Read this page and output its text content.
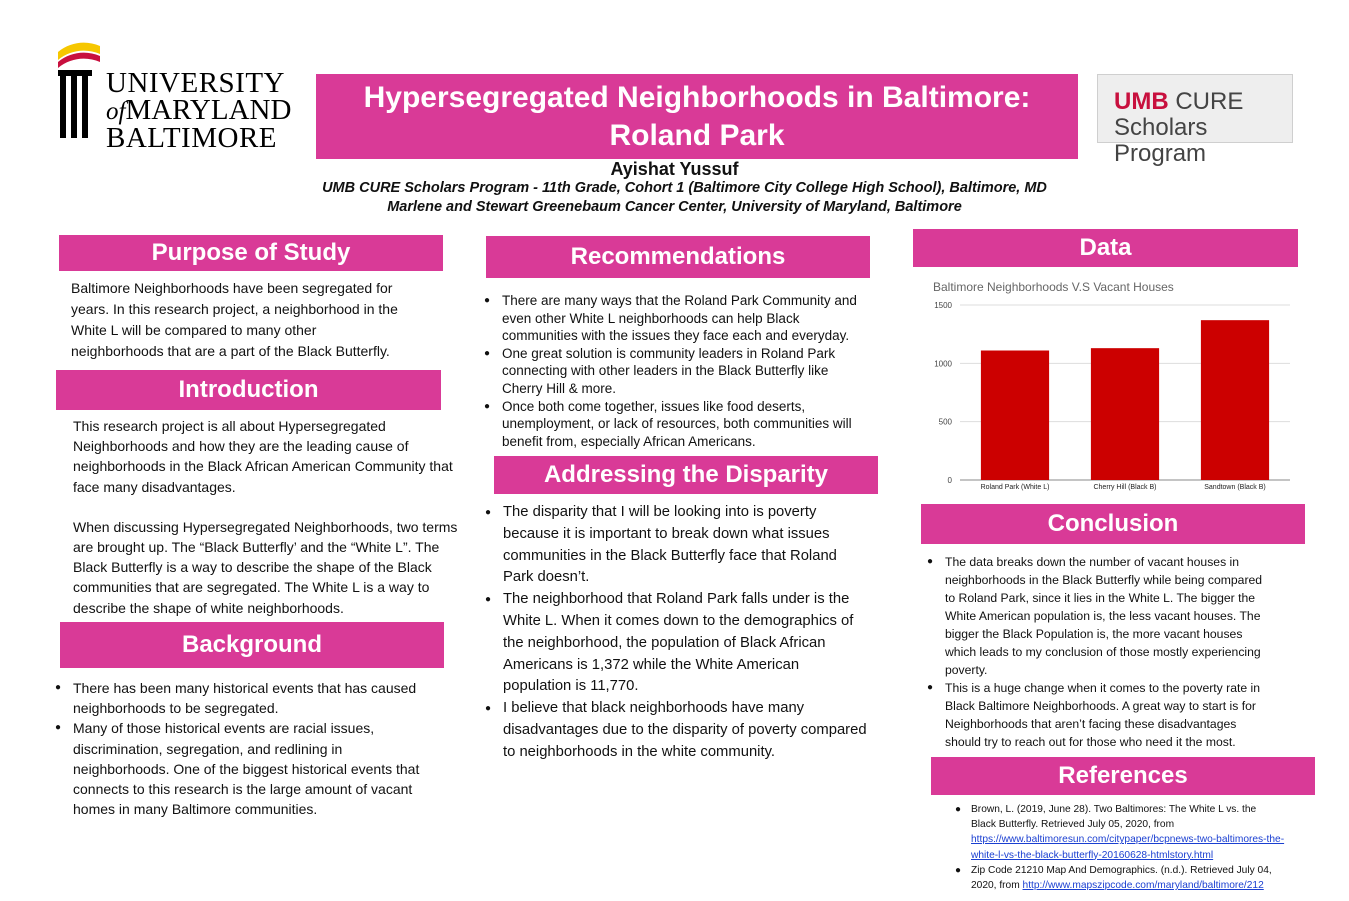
UNIVERSITY
ofMARYLAND
BALTIMORE
Hypersegregated Neighborhoods in Baltimore:
Roland Park
UMB CURE
Scholars Program
Ayishat Yussuf
UMB CURE Scholars Program - 11th Grade, Cohort 1 (Baltimore City College High School), Baltimore, MD
Marlene and Stewart Greenebaum Cancer Center, University of Maryland, Baltimore
Purpose of Study
Baltimore Neighborhoods have been segregated for
years. In this research project, a neighborhood in the
White L will be compared to many other
neighborhoods that are a part of the Black Butterfly.
Introduction
This research project is all about Hypersegregated
Neighborhoods and how they are the leading cause of
neighborhoods in the Black African American Community that
face many disadvantages.
When discussing Hypersegregated Neighborhoods, two terms
are brought up. The “Black Butterfly’ and the “White L”. The
Black Butterfly is a way to describe the shape of the Black
communities that are segregated. The White L is a way to
describe the shape of white neighborhoods.
Background
● There has been many historical events that has caused
neighborhoods to be segregated.
● Many of those historical events are racial issues,
discrimination, segregation, and redlining in
neighborhoods. One of the biggest historical events that
connects to this research is the large amount of vacant
homes in many Baltimore communities.
Recommendations
● There are many ways that the Roland Park Community and
even other White L neighborhoods can help Black
communities with the issues they face each and everyday.
● One great solution is community leaders in Roland Park
connecting with other leaders in the Black Butterfly like
Cherry Hill & more.
● Once both come together, issues like food deserts,
unemployment, or lack of resources, both communities will
benefit from, especially African Americans.
Addressing the Disparity
● The disparity that I will be looking into is poverty
because it is important to break down what issues
communities in the Black Butterfly face that Roland
Park doesn’t.
● The neighborhood that Roland Park falls under is the
White L. When it comes down to the demographics of
the neighborhood, the population of Black African
Americans is 1,372 while the White American
population is 11,770.
● I believe that black neighborhoods have many
disadvantages due to the disparity of poverty compared
to neighborhoods in the white community.
Data
Baltimore Neighborhoods V.S Vacant Houses
0
500
1000
1500
Roland Park (White L)	Cherry Hill (Black B)	Sandtown (Black B)
Conclusion
● The data breaks down the number of vacant houses in
neighborhoods in the Black Butterfly while being compared
to Roland Park, since it lies in the White L. The bigger the
White American population is, the less vacant houses. The
bigger the Black Population is, the more vacant houses
which leads to my conclusion of those mostly experiencing
poverty.
● This is a huge change when it comes to the poverty rate in
Black Baltimore Neighborhoods. A great way to start is for
Neighborhoods that aren’t facing these disadvantages
should try to reach out for those who need it the most.
References
● Brown, L. (2019, June 28). Two Baltimores: The White L vs. the
Black Butterfly. Retrieved July 05, 2020, from
https://www.baltimoresun.com/citypaper/bcpnews-two-baltimores-the-
white-l-vs-the-black-butterfly-20160628-htmlstory.html
● Zip Code 21210 Map And Demographics. (n.d.). Retrieved July 04,
2020, from http://www.mapszipcode.com/maryland/baltimore/212
